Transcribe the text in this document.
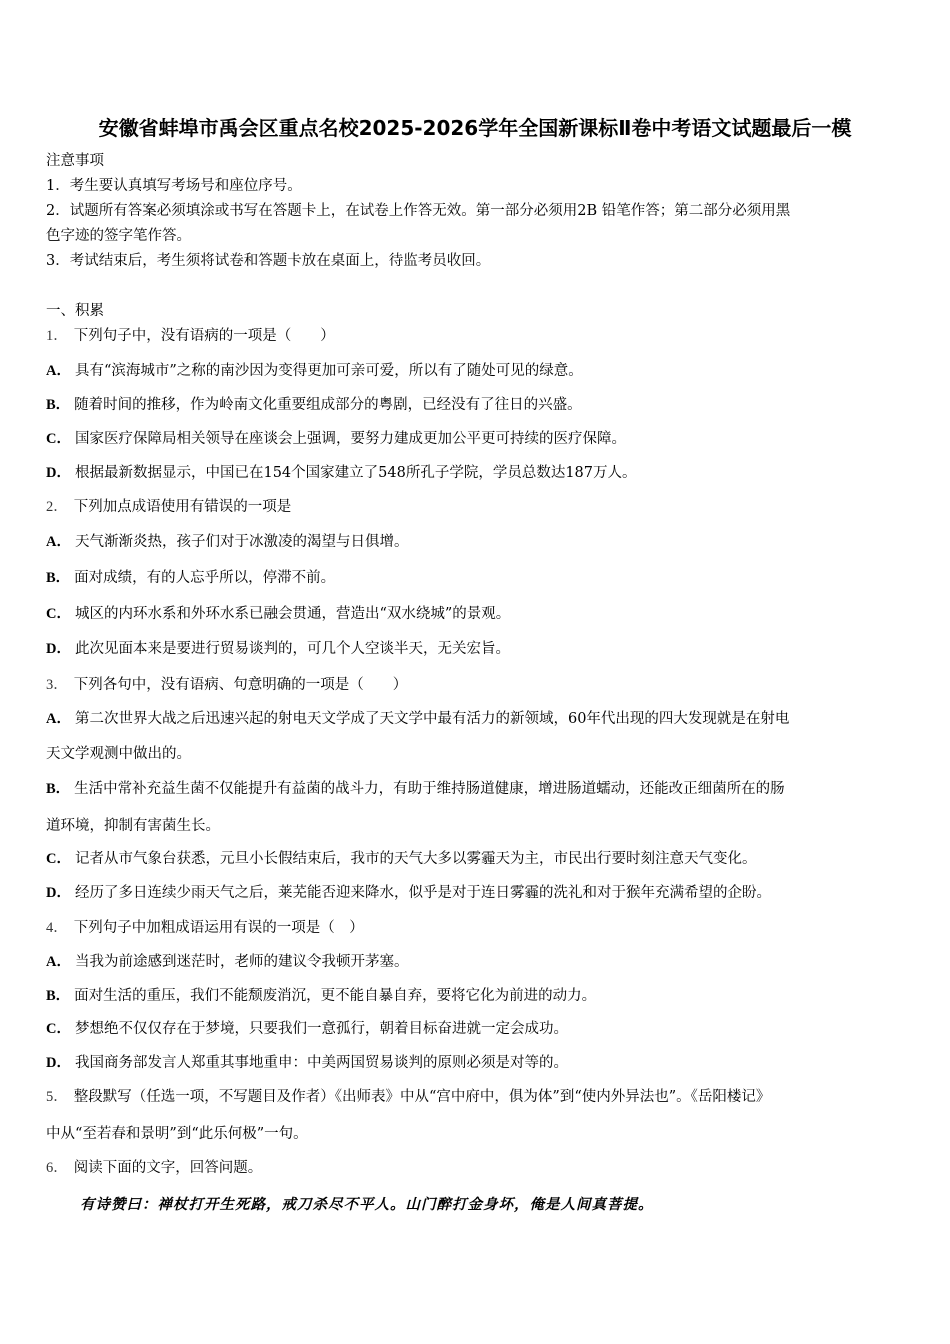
安徽省蚌埠市禹会区重点名校2025-2026学年全国新课标Ⅱ卷中考语文试题最后一模
注意事项
1．考生要认真填写考场号和座位序号。
2．试题所有答案必须填涂或书写在答题卡上，在试卷上作答无效。第一部分必须用2B 铅笔作答；第二部分必须用黑
色字迹的签字笔作答。
3．考试结束后，考生须将试卷和答题卡放在桌面上，待监考员收回。
一、积累
1． 下列句子中，没有语病的一项是（　　）
A． 具有“滨海城市”之称的南沙因为变得更加可亲可爱，所以有了随处可见的绿意。
B． 随着时间的推移，作为岭南文化重要组成部分的粤剧，已经没有了往日的兴盛。
C． 国家医疗保障局相关领导在座谈会上强调，要努力建成更加公平更可持续的医疗保障。
D． 根据最新数据显示，中国已在154个国家建立了548所孔子学院，学员总数达187万人。
2． 下列加点成语使用有错误的一项是
A． 天气渐渐炎热，孩子们对于冰激凌的渴望与日俱增。
B． 面对成绩，有的人忘乎所以，停滞不前。
C． 城区的内环水系和外环水系已融会贯通，营造出“双水绕城”的景观。
D． 此次见面本来是要进行贸易谈判的，可几个人空谈半天，无关宏旨。
3． 下列各句中，没有语病、句意明确的一项是（　　）
A． 第二次世界大战之后迅速兴起的射电天文学成了天文学中最有活力的新领域，60年代出现的四大发现就是在射电
天文学观测中做出的。
B． 生活中常补充益生菌不仅能提升有益菌的战斗力，有助于维持肠道健康，增进肠道蠕动，还能改正细菌所在的肠
道环境，抑制有害菌生长。
C． 记者从市气象台获悉，元旦小长假结束后，我市的天气大多以雾霾天为主，市民出行要时刻注意天气变化。
D． 经历了多日连续少雨天气之后，莱芜能否迎来降水，似乎是对于连日雾霾的洗礼和对于猴年充满希望的企盼。
4． 下列句子中加粗成语运用有误的一项是（　）
A． 当我为前途感到迷茫时，老师的建议令我顿开茅塞。
B． 面对生活的重压，我们不能颓废消沉，更不能自暴自弃，要将它化为前进的动力。
C． 梦想绝不仅仅存在于梦境，只要我们一意孤行，朝着目标奋进就一定会成功。
D． 我国商务部发言人郑重其事地重申：中美两国贸易谈判的原则必须是对等的。
5． 整段默写（任选一项，不写题目及作者）《出师表》中从“宫中府中，俱为体”到“使内外异法也”。《岳阳楼记》
中从“至若春和景明”到“此乐何极”一句。
6． 阅读下面的文字，回答问题。
有诗赞曰：禅杖打开生死路，戒刀杀尽不平人。山门醉打金身坏，俺是人间真菩提。
